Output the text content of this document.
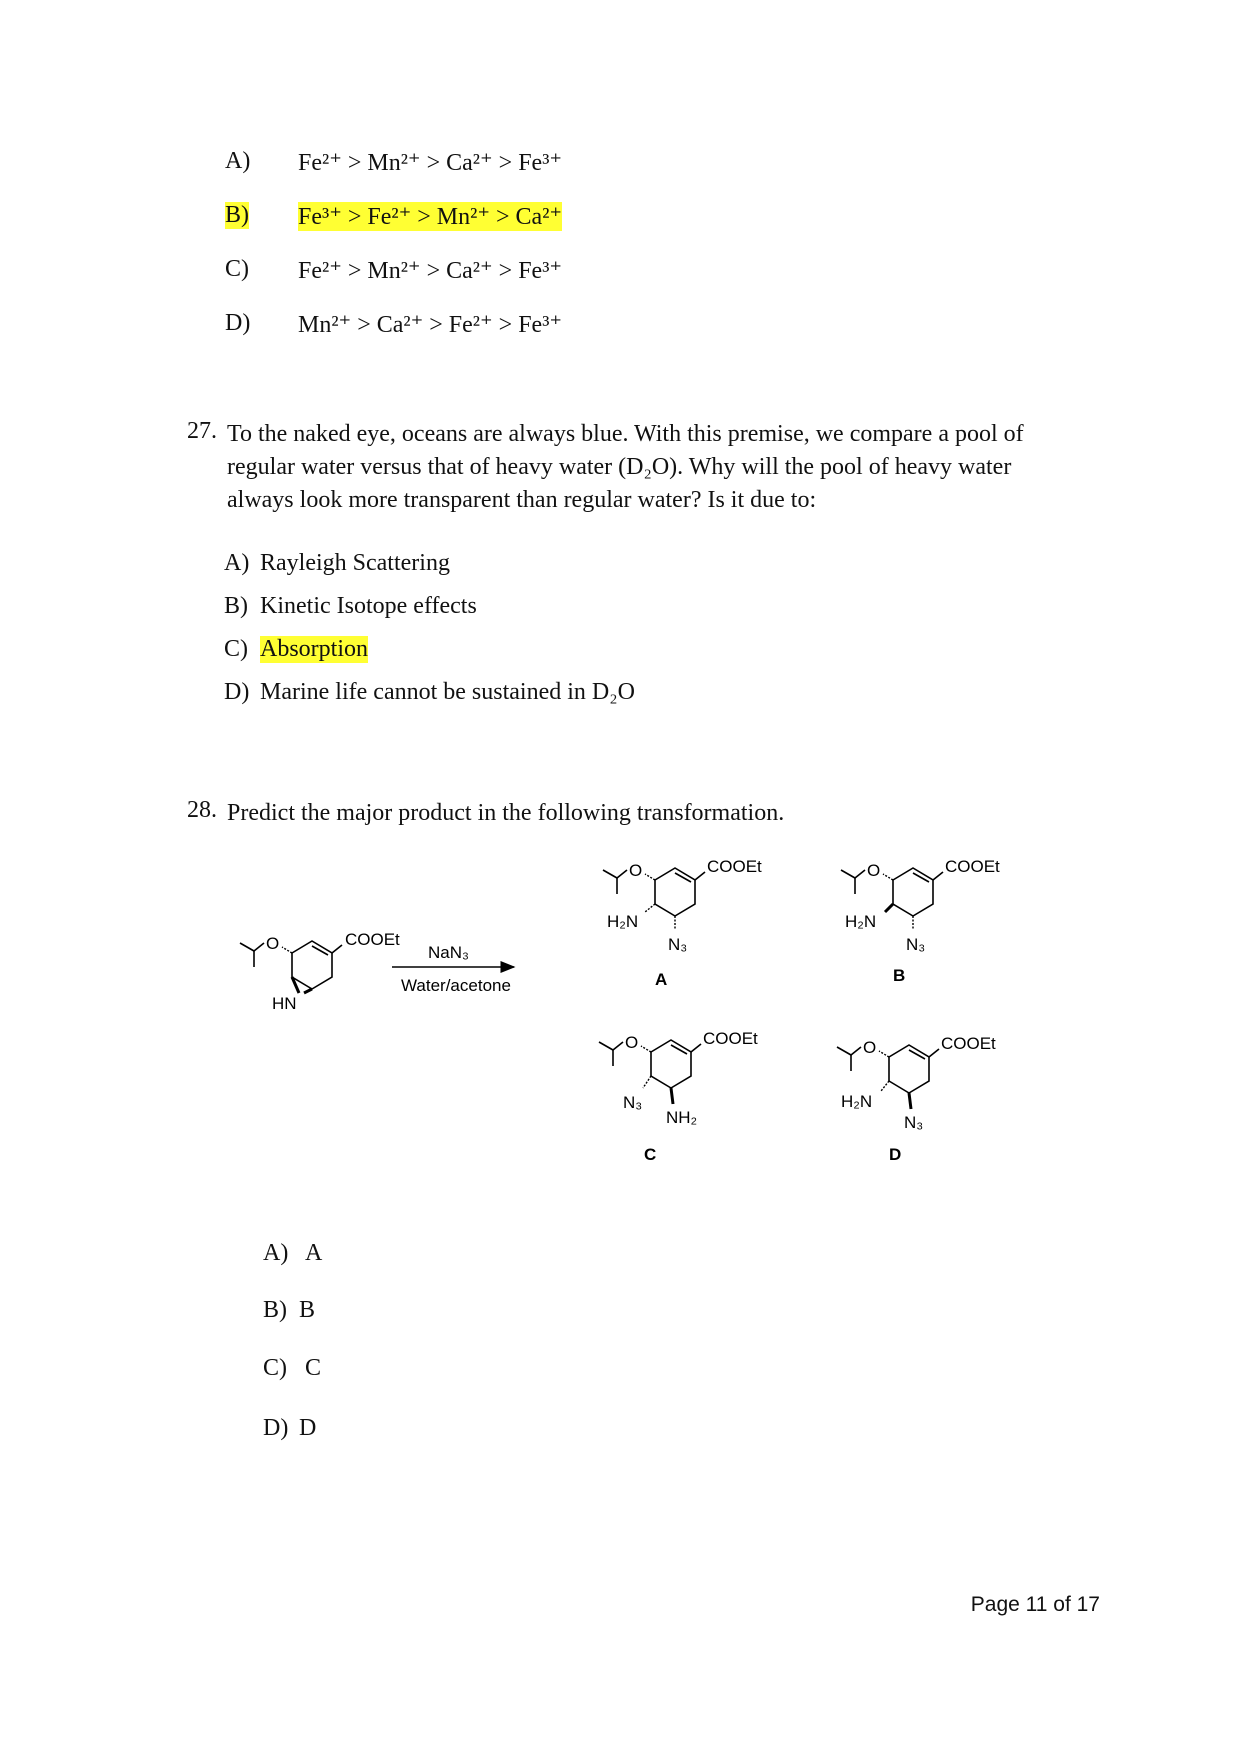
A) Fe²⁺ > Mn²⁺ > Ca²⁺ > Fe³⁺
B) Fe³⁺ > Fe²⁺ > Mn²⁺ > Ca²⁺
C) Fe²⁺ > Mn²⁺ > Ca²⁺ > Fe³⁺
D) Mn²⁺ > Ca²⁺ > Fe²⁺ > Fe³⁺
27. To the naked eye, oceans are always blue. With this premise, we compare a pool of
regular water versus that of heavy water (D₂O). Why will the pool of heavy water
always look more transparent than regular water? Is it due to:
A) Rayleigh Scattering
B) Kinetic Isotope effects
C) Absorption
D) Marine life cannot be sustained in D₂O
28. Predict the major product in the following transformation.
O	COOEt
HN
NaN₃
Water/acetone
O	COOEt
H₂N
N₃
A
O	COOEt
H₂N
N₃
B
O	COOEt
N₃
NH₂
C
O	COOEt
H₂N
N₃
D
A) A
B) B
C) C
D) D
Page 11 of 17
